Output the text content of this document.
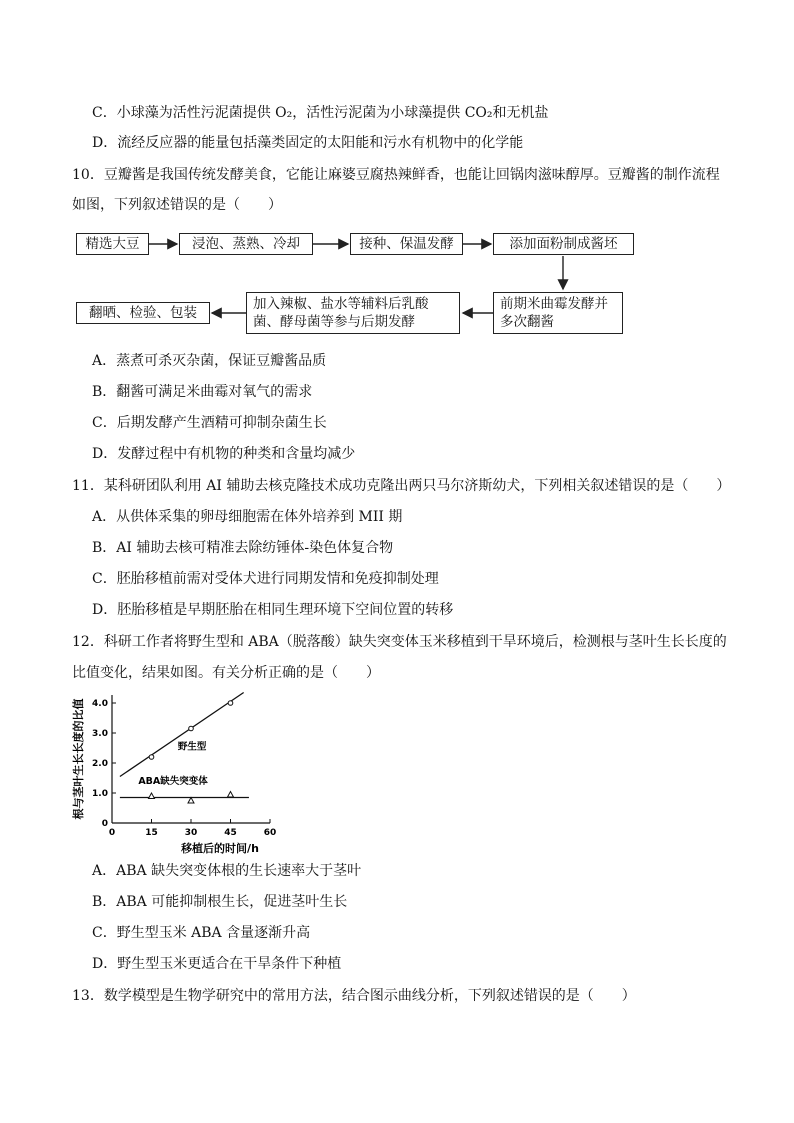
C．小球藻为活性污泥菌提供 O₂，活性污泥菌为小球藻提供 CO₂和无机盐
D．流经反应器的能量包括藻类固定的太阳能和污水有机物中的化学能
10．豆瓣酱是我国传统发酵美食，它能让麻婆豆腐热辣鲜香，也能让回锅肉滋味醇厚。豆瓣酱的制作流程
如图，下列叙述错误的是（　　）
精选大豆	浸泡、蒸熟、冷却	接种、保温发酵	添加面粉制成酱坯
前期米曲霉发酵并
多次翻酱
加入辣椒、盐水等辅料后乳酸
菌、酵母菌等参与后期发酵
翻晒、检验、包装
A．蒸煮可杀灭杂菌，保证豆瓣酱品质
B．翻酱可满足米曲霉对氧气的需求
C．后期发酵产生酒精可抑制杂菌生长
D．发酵过程中有机物的种类和含量均减少
11．某科研团队利用 AI 辅助去核克隆技术成功克隆出两只马尔济斯幼犬，下列相关叙述错误的是（　　）
A．从供体采集的卵母细胞需在体外培养到 MII 期
B．AI 辅助去核可精准去除纺锤体-染色体复合物
C．胚胎移植前需对受体犬进行同期发情和免疫抑制处理
D．胚胎移植是早期胚胎在相同生理环境下空间位置的转移
12．科研工作者将野生型和 ABA（脱落酸）缺失突变体玉米移植到干旱环境后，检测根与茎叶生长长度的
比值变化，结果如图。有关分析正确的是（　　）
0	15	30	45	60
0
1.0
2.0
3.0
4.0
野生型
ABA缺失突变体
根与茎叶生长长度的比值
移植后的时间/h
A．ABA 缺失突变体根的生长速率大于茎叶
B．ABA 可能抑制根生长，促进茎叶生长
C．野生型玉米 ABA 含量逐渐升高
D．野生型玉米更适合在干旱条件下种植
13．数学模型是生物学研究中的常用方法，结合图示曲线分析，下列叙述错误的是（　　）
